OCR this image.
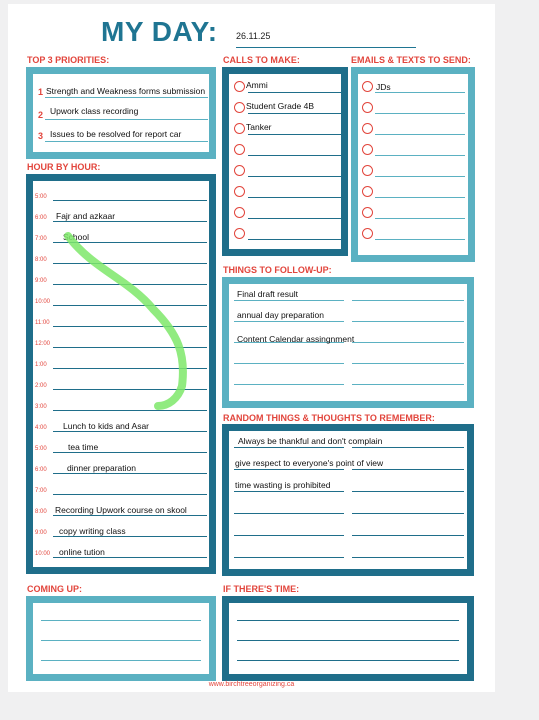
MY DAY: 26.11.25
TOP 3 PRIORITIES:
1
2
3
Strength and Weakness forms submission
Upwork class recording
Issues to be resolved for report car
CALLS TO MAKE:
Ammi
Student Grade 4B
Tanker
EMAILS & TEXTS TO SEND:
JDs
HOUR BY HOUR:
5:00
6:00 Fajr and azkaar
7:00 School
8:00
9:00
10:00
11:00
12:00
1:00
2:00
3:00
4:00 Lunch to kids and Asar
5:00	tea time
6:00 dinner preparation
7:00
8:00 Recording Upwork course on skool
9:00 copy writing class
10:00 online tution
THINGS TO FOLLOW-UP:
Final draft result
annual day preparation
Content Calendar assingnment
RANDOM THINGS & THOUGHTS TO REMEMBER:
Always be thankful and don't complain
give respect to everyone's point of view
time wasting is prohibited
COMING UP:	IF THERE'S TIME:
www.birchtreeorganizing.ca
